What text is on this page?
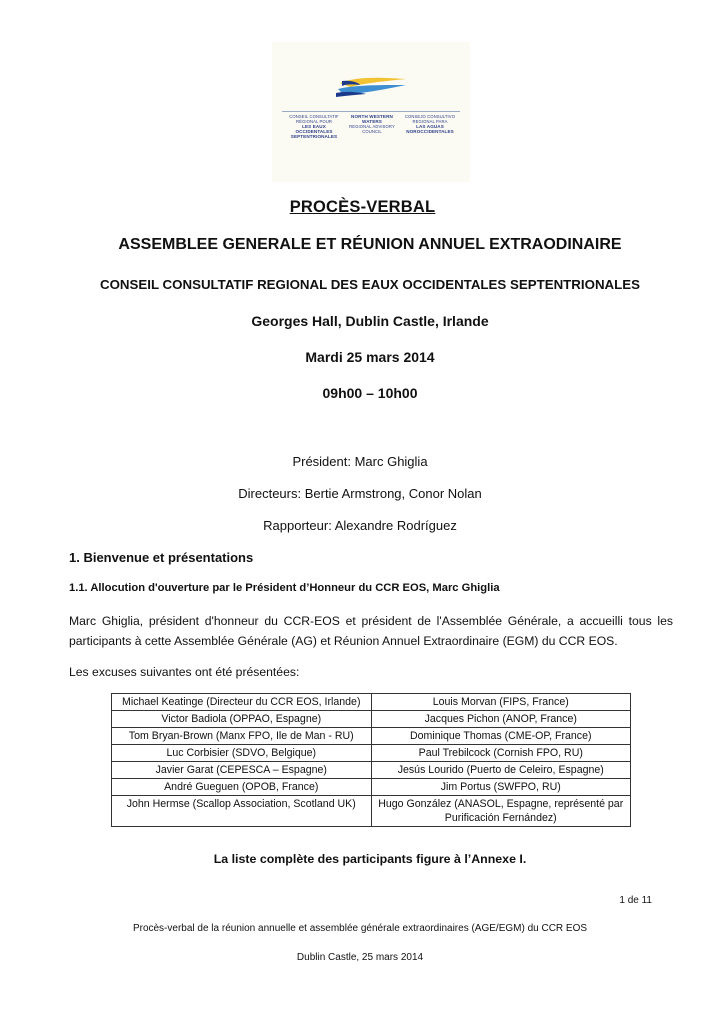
CONSEIL CONSULTATIF
RÉGIONAL POUR
LES EAUX OCCIDENTALES
SEPTENTRIONALES
NORTH WESTERN
WATERS
REGIONAL ADVISORY
COUNCIL
CONSEJO CONSULTIVO
REGIONAL PARA
LAS AGUAS
NOROCCIDENTALES
PROCÈS-VERBAL
ASSEMBLEE GENERALE ET RÉUNION ANNUEL EXTRAODINAIRE
CONSEIL CONSULTATIF REGIONAL DES EAUX OCCIDENTALES SEPTENTRIONALES
Georges Hall, Dublin Castle, Irlande
Mardi 25 mars 2014
09h00 – 10h00
Président: Marc Ghiglia
Directeurs: Bertie Armstrong, Conor Nolan
Rapporteur: Alexandre Rodríguez
1. Bienvenue et présentations
1.1. Allocution d'ouverture par le Président d’Honneur du CCR EOS, Marc Ghiglia
Marc Ghiglia, président d'honneur du CCR-EOS et président de l'Assemblée Générale, a accueilli tous les participants à cette Assemblée Générale (AG) et Réunion Annuel Extraordinaire (EGM) du CCR EOS.
Les excuses suivantes ont été présentées:
Michael Keatinge (Directeur du CCR EOS, Irlande)	Louis Morvan (FIPS, France)
Victor Badiola (OPPAO, Espagne)	Jacques Pichon (ANOP, France)
Tom Bryan-Brown (Manx FPO, Ile de Man - RU)	Dominique Thomas (CME-OP, France)
Luc Corbisier (SDVO, Belgique)	Paul Trebilcock (Cornish FPO, RU)
Javier Garat (CEPESCA – Espagne)	Jesús Lourido (Puerto de Celeiro, Espagne)
André Gueguen (OPOB, France)	Jim Portus (SWFPO, RU)
John Hermse (Scallop Association, Scotland UK)	Hugo González (ANASOL, Espagne, représenté par Purificación Fernández)
La liste complète des participants figure à l’Annexe I.
1 de 11
Procès-verbal de la réunion annuelle et assemblée générale extraordinaires (AGE/EGM) du CCR EOS
Dublin Castle, 25 mars 2014
